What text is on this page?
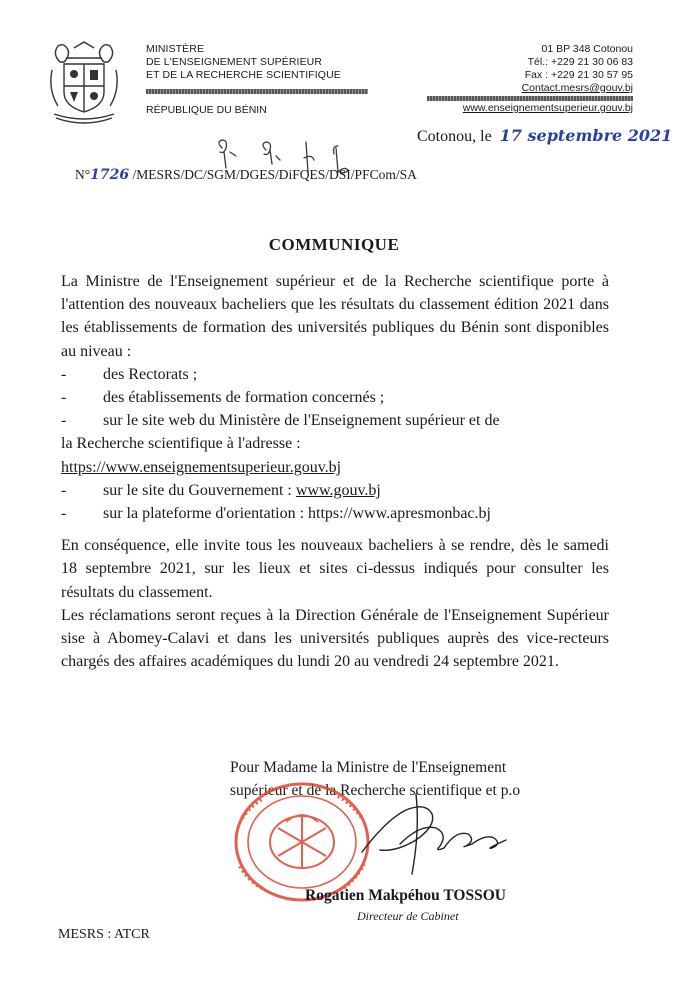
MINISTÈRE
DE L'ENSEIGNEMENT SUPÉRIEUR
ET DE LA RECHERCHE SCIENTIFIQUE
RÉPUBLIQUE DU BÉNIN
01 BP 348 Cotonou
Tél.: +229 21 30 06 83
Fax : +229 21 30 57 95
Contact.mesrs@gouv.bj
www.enseignementsuperieur.gouv.bj
Cotonou, le 17 septembre 2021
N°1726 /MESRS/DC/SGM/DGES/DiFQES/DSI/PFCom/SA
COMMUNIQUE

La Ministre de l'Enseignement supérieur et de la Recherche scientifique porte à l'attention des nouveaux bacheliers que les résultats du classement édition 2021 dans les établissements de formation des universités publiques du Bénin sont disponibles au niveau :

-	des Rectorats ;
-	des établissements de formation concernés ;
-	sur le site web du Ministère de l'Enseignement supérieur et de
la Recherche scientifique à l'adresse :
https://www.enseignementsuperieur.gouv.bj
-	sur le site du Gouvernement : www.gouv.bj
-	sur la plateforme d'orientation : https://www.apresmonbac.bj

En conséquence, elle invite tous les nouveaux bacheliers à se rendre, dès le samedi 18 septembre 2021, sur les lieux et sites ci-dessus indiqués pour consulter les résultats du classement.

Les réclamations seront reçues à la Direction Générale de l'Enseignement Supérieur sise à Abomey-Calavi et dans les universités publiques auprès des vice-recteurs chargés des affaires académiques du lundi 20 au vendredi 24 septembre 2021.

Pour Madame la Ministre de l'Enseignement
supérieur et de la Recherche scientifique et p.o
Rogatien Makpéhou TOSSOU
Directeur de Cabinet
MESRS : ATCR
